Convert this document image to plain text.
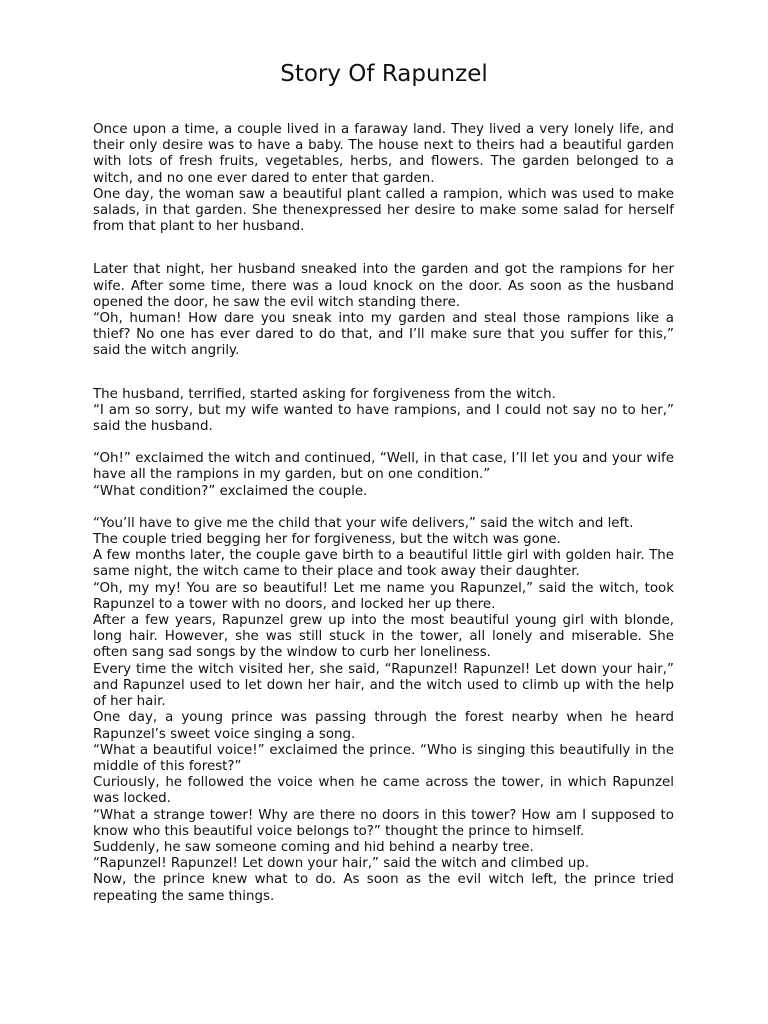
Story Of Rapunzel

Once upon a time, a couple lived in a faraway land. They lived a very lonely life, and their only desire was to have a baby. The house next to theirs had a beautiful garden with lots of fresh fruits, vegetables, herbs, and flowers. The garden belonged to a witch, and no one ever dared to enter that garden.

One day, the woman saw a beautiful plant called a rampion, which was used to make salads, in that garden. She thenexpressed her desire to make some salad for herself from that plant to her husband.

Later that night, her husband sneaked into the garden and got the rampions for her wife. After some time, there was a loud knock on the door. As soon as the husband opened the door, he saw the evil witch standing there.

“Oh, human! How dare you sneak into my garden and steal those rampions like a thief? No one has ever dared to do that, and I’ll make sure that you suffer for this,” said the witch angrily.

The husband, terrified, started asking for forgiveness from the witch.

“I am so sorry, but my wife wanted to have rampions, and I could not say no to her,” said the husband.

“Oh!” exclaimed the witch and continued, “Well, in that case, I’ll let you and your wife have all the rampions in my garden, but on one condition.”

“What condition?” exclaimed the couple.

“You’ll have to give me the child that your wife delivers,” said the witch and left.

The couple tried begging her for forgiveness, but the witch was gone.

A few months later, the couple gave birth to a beautiful little girl with golden hair. The same night, the witch came to their place and took away their daughter.

“Oh, my my! You are so beautiful! Let me name you Rapunzel,” said the witch, took Rapunzel to a tower with no doors, and locked her up there.

After a few years, Rapunzel grew up into the most beautiful young girl with blonde, long hair. However, she was still stuck in the tower, all lonely and miserable. She often sang sad songs by the window to curb her loneliness.

Every time the witch visited her, she said, “Rapunzel! Rapunzel! Let down your hair,” and Rapunzel used to let down her hair, and the witch used to climb up with the help of her hair.

One day, a young prince was passing through the forest nearby when he heard Rapunzel’s sweet voice singing a song.

“What a beautiful voice!” exclaimed the prince. “Who is singing this beautifully in the middle of this forest?”

Curiously, he followed the voice when he came across the tower, in which Rapunzel was locked.

“What a strange tower! Why are there no doors in this tower? How am I supposed to know who this beautiful voice belongs to?” thought the prince to himself.

Suddenly, he saw someone coming and hid behind a nearby tree.

“Rapunzel! Rapunzel! Let down your hair,” said the witch and climbed up.

Now, the prince knew what to do. As soon as the evil witch left, the prince tried repeating the same things.
